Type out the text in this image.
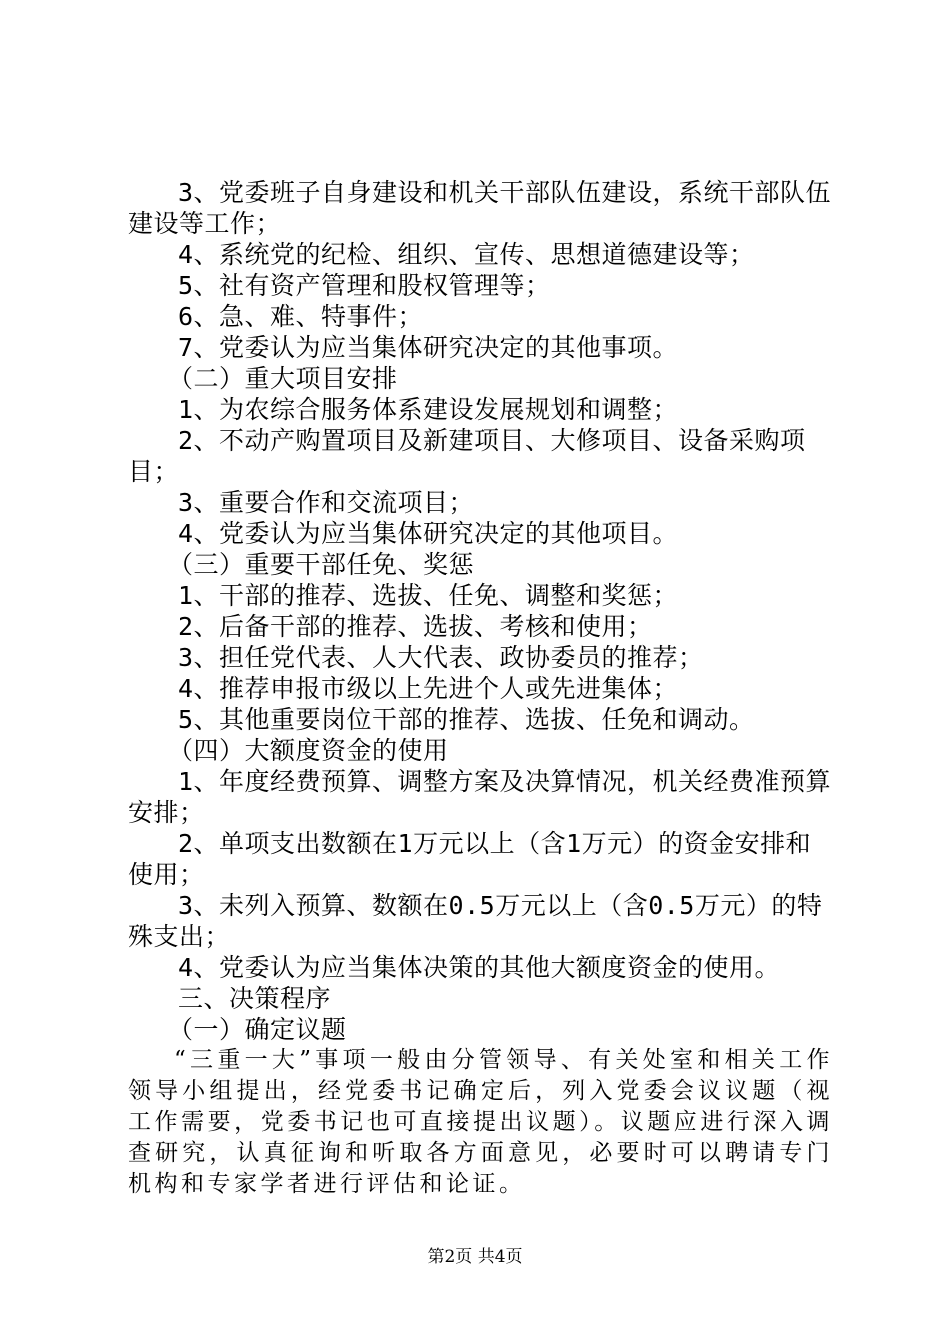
3、党委班子自身建设和机关干部队伍建设，系统干部队伍建设等工作；

4、系统党的纪检、组织、宣传、思想道德建设等；

5、社有资产管理和股权管理等；

6、急、难、特事件；

7、党委认为应当集体研究决定的其他事项。

（二）重大项目安排

1、为农综合服务体系建设发展规划和调整；

2、不动产购置项目及新建项目、大修项目、设备采购项目；

3、重要合作和交流项目；

4、党委认为应当集体研究决定的其他项目。

（三）重要干部任免、奖惩

1、干部的推荐、选拔、任免、调整和奖惩；

2、后备干部的推荐、选拔、考核和使用；

3、担任党代表、人大代表、政协委员的推荐；

4、推荐申报市级以上先进个人或先进集体；

5、其他重要岗位干部的推荐、选拔、任免和调动。

（四）大额度资金的使用

1、年度经费预算、调整方案及决算情况，机关经费准预算安排；

2、单项支出数额在1万元以上（含1万元）的资金安排和使用；

3、未列入预算、数额在0.5万元以上（含0.5万元）的特殊支出；

4、党委认为应当集体决策的其他大额度资金的使用。

三、决策程序

（一）确定议题

“三重一大”事项一般由分管领导、有关处室和相关工作领导小组提出，经党委书记确定后，列入党委会议议题（视工作需要，党委书记也可直接提出议题）。议题应进行深入调查研究，认真征询和听取各方面意见，必要时可以聘请专门机构和专家学者进行评估和论证。

第2页 共4页
